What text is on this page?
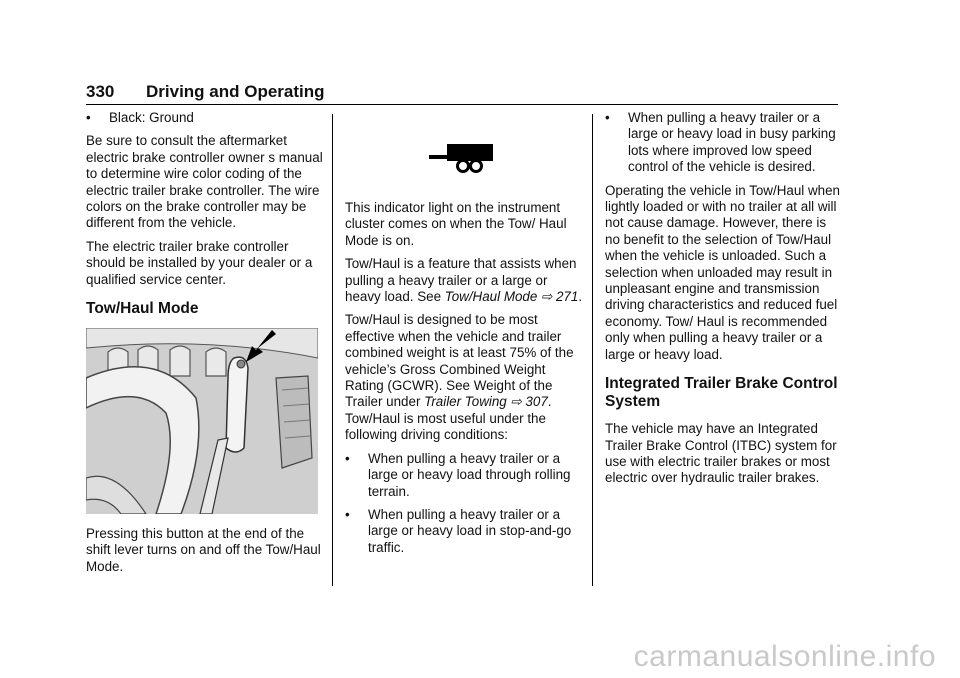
330 Driving and Operating
• Black: Ground

Be sure to consult the aftermarket electric brake controller owner s manual to determine wire color coding of the electric trailer brake controller. The wire colors on the brake controller may be different from the vehicle.

The electric trailer brake controller should be installed by your dealer or a qualified service center.

Tow/Haul Mode

Pressing this button at the end of the shift lever turns on and off the Tow/Haul Mode.

This indicator light on the instrument cluster comes on when the Tow/ Haul Mode is on.

Tow/Haul is a feature that assists when pulling a heavy trailer or a large or heavy load. See Tow/Haul Mode ⇨ 271.

Tow/Haul is designed to be most effective when the vehicle and trailer combined weight is at least 75% of the vehicle’s Gross Combined Weight Rating (GCWR). See Weight of the Trailer under Trailer Towing ⇨ 307. Tow/Haul is most useful under the following driving conditions:

• When pulling a heavy trailer or a large or heavy load through rolling terrain.
• When pulling a heavy trailer or a large or heavy load in stop-and-go traffic.
• When pulling a heavy trailer or a large or heavy load in busy parking lots where improved low speed control of the vehicle is desired.

Operating the vehicle in Tow/Haul when lightly loaded or with no trailer at all will not cause damage. However, there is no benefit to the selection of Tow/Haul when the vehicle is unloaded. Such a selection when unloaded may result in unpleasant engine and transmission driving characteristics and reduced fuel economy. Tow/ Haul is recommended only when pulling a heavy trailer or a large or heavy load.

Integrated Trailer Brake Control System

The vehicle may have an Integrated Trailer Brake Control (ITBC) system for use with electric trailer brakes or most electric over hydraulic trailer brakes.

carmanualsonline.info
